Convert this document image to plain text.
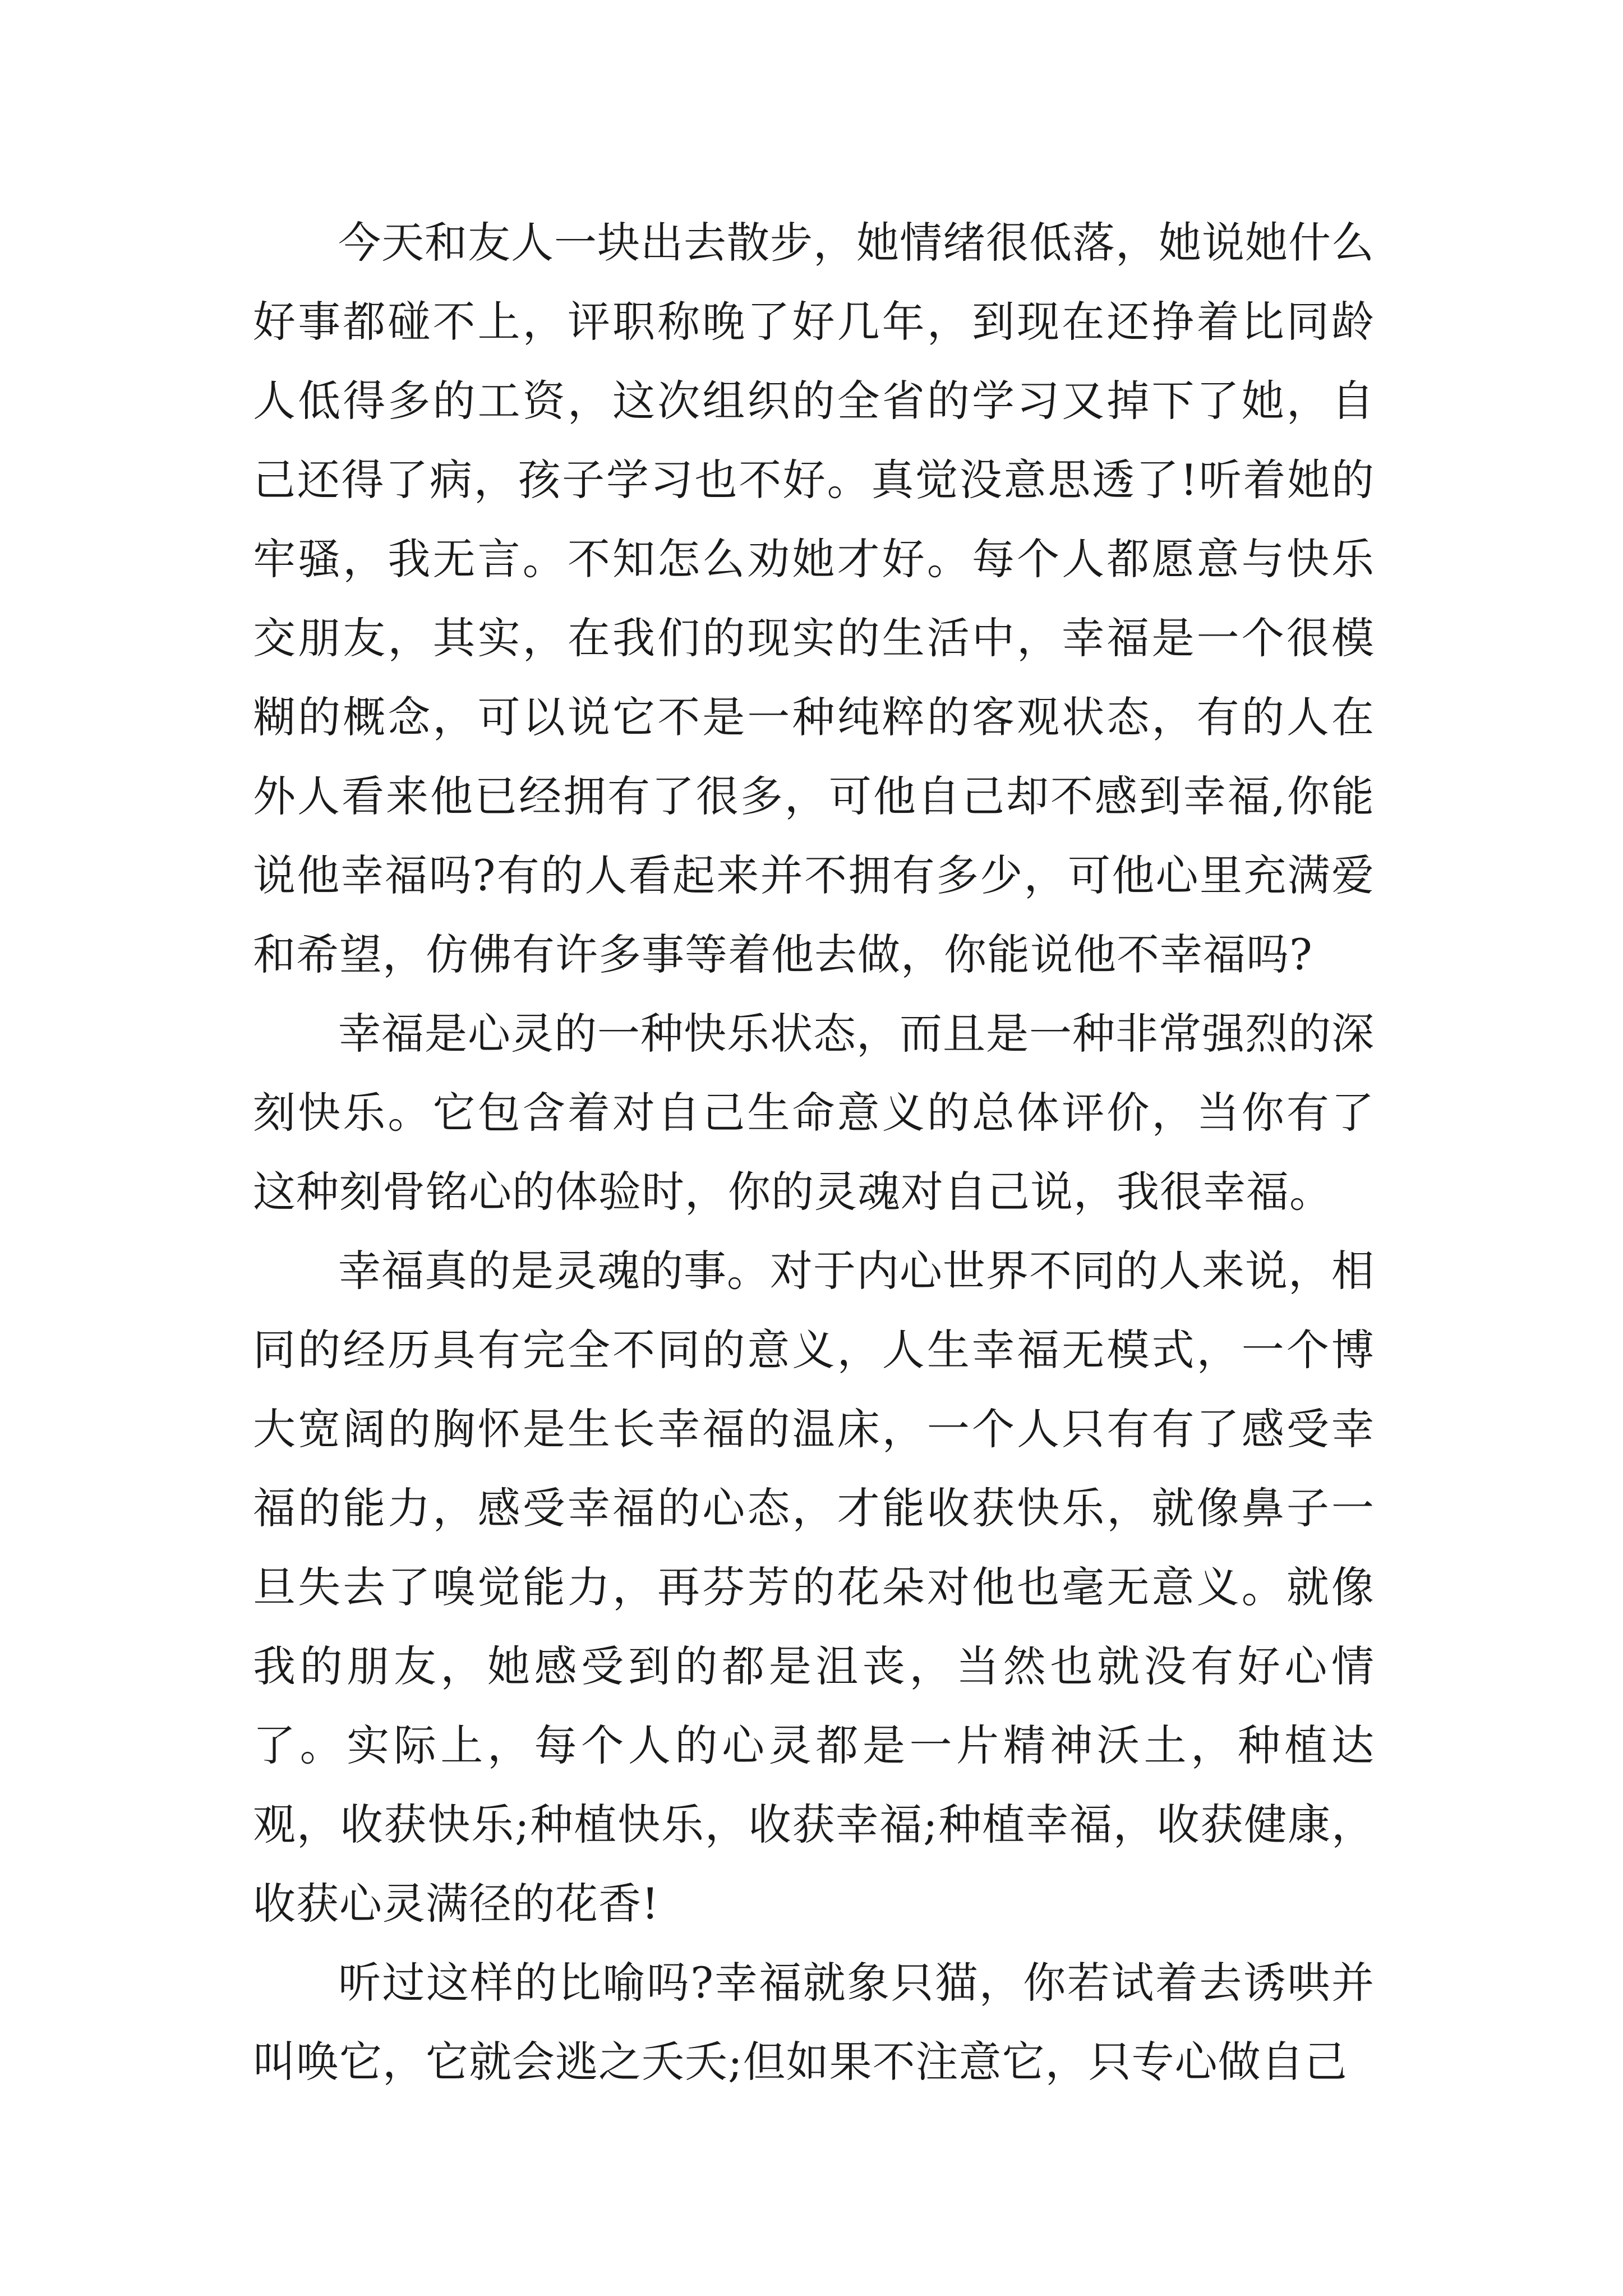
今天和友人一块出去散步，她情绪很低落，她说她什么好事都碰不上，评职称晚了好几年，到现在还挣着比同龄人低得多的工资，这次组织的全省的学习又掉下了她，自己还得了病，孩子学习也不好。真觉没意思透了!听着她的牢骚，我无言。不知怎么劝她才好。每个人都愿意与快乐交朋友，其实，在我们的现实的生活中，幸福是一个很模糊的概念，可以说它不是一种纯粹的客观状态，有的人在外人看来他已经拥有了很多，可他自己却不感到幸福,你能说他幸福吗?有的人看起来并不拥有多少，可他心里充满爱和希望，仿佛有许多事等着他去做，你能说他不幸福吗?

幸福是心灵的一种快乐状态，而且是一种非常强烈的深刻快乐。它包含着对自己生命意义的总体评价，当你有了这种刻骨铭心的体验时，你的灵魂对自己说，我很幸福。

幸福真的是灵魂的事。对于内心世界不同的人来说，相同的经历具有完全不同的意义，人生幸福无模式，一个博大宽阔的胸怀是生长幸福的温床，一个人只有有了感受幸福的能力，感受幸福的心态，才能收获快乐，就像鼻子一旦失去了嗅觉能力，再芬芳的花朵对他也毫无意义。就像我的朋友，她感受到的都是沮丧，当然也就没有好心情了。实际上，每个人的心灵都是一片精神沃土，种植达观，收获快乐;种植快乐，收获幸福;种植幸福，收获健康，收获心灵满径的花香!

听过这样的比喻吗?幸福就象只猫，你若试着去诱哄并叫唤它，它就会逃之夭夭;但如果不注意它，只专心做自己
